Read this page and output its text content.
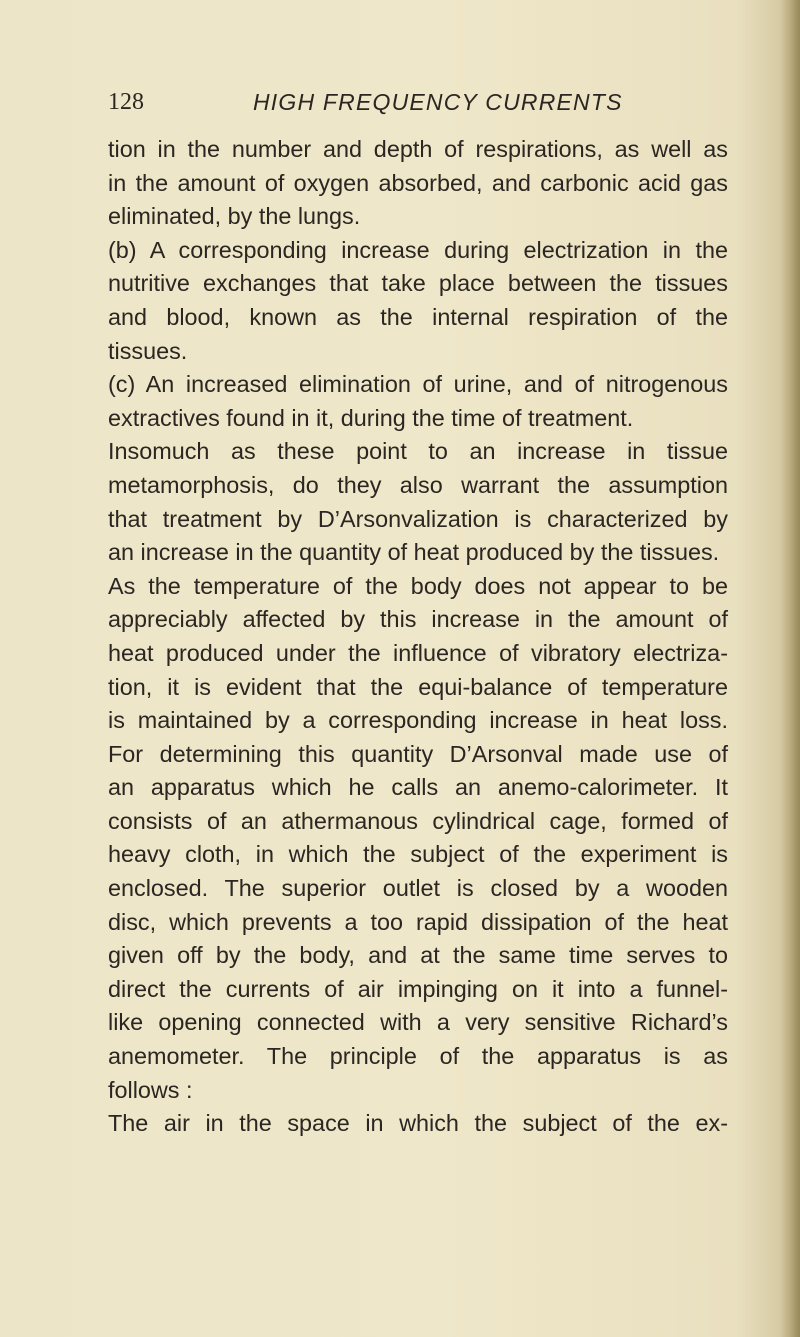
128	HIGH FREQUENCY CURRENTS
tion in the number and depth of respirations, as well as
in the amount of oxygen absorbed, and carbonic acid gas
eliminated, by the lungs.
(b) A corresponding increase during electrization in the
nutritive exchanges that take place between the tissues
and blood, known as the internal respiration of the
tissues.
(c) An increased elimination of urine, and of nitrogenous
extractives found in it, during the time of treatment.
Insomuch as these point to an increase in tissue
metamorphosis, do they also warrant the assumption
that treatment by D’Arsonvalization is characterized by
an increase in the quantity of heat produced by the tissues.
As the temperature of the body does not appear to be
appreciably affected by this increase in the amount of
heat produced under the influence of vibratory electriza-
tion, it is evident that the equi-balance of temperature
is maintained by a corresponding increase in heat loss.
For determining this quantity D’Arsonval made use of
an apparatus which he calls an anemo-calorimeter. It
consists of an athermanous cylindrical cage, formed of
heavy cloth, in which the subject of the experiment is
enclosed. The superior outlet is closed by a wooden
disc, which prevents a too rapid dissipation of the heat
given off by the body, and at the same time serves to
direct the currents of air impinging on it into a funnel-
like opening connected with a very sensitive Richard’s
anemometer. The principle of the apparatus is as
follows :
The air in the space in which the subject of the ex-
